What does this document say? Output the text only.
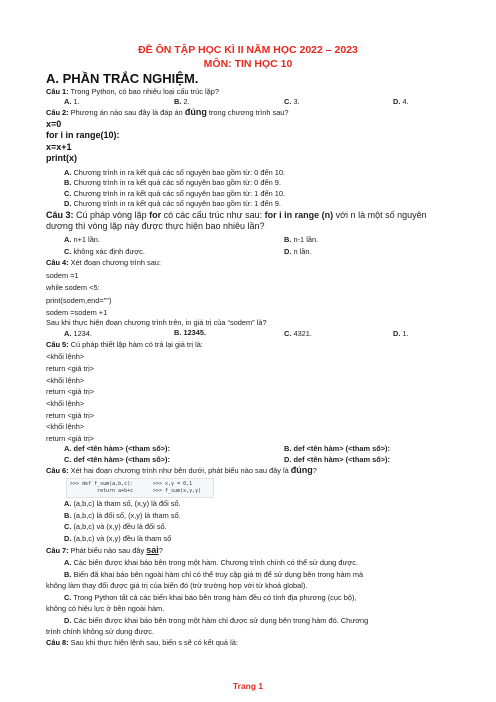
ĐỀ ÔN TẬP HỌC KÌ II NĂM HỌC 2022 – 2023
MÔN: TIN HỌC 10
A. PHẦN TRẮC NGHIỆM.
Câu 1: Trong Python, có bao nhiêu loại cấu trúc lặp?
A. 1.	B. 2.	C. 3.	D. 4.
Câu 2: Phương án nào sau đây là đáp án đúng trong chương trình sau?
x=0
for i in range(10):
x=x+1
print(x)
A. Chương trình in ra kết quả các số nguyên bao gồm từ: 0 đến 10.
B. Chương trình in ra kết quả các số nguyên bao gồm từ: 0 đến 9.
C. Chương trình in ra kết quả các số nguyên bao gồm từ: 1 đến 10.
D. Chương trình in ra kết quả các số nguyên bao gồm từ: 1 đến 9.
Câu 3: Cú pháp vòng lặp for có các cấu trúc như sau: for i in range (n) với n là một số nguyên
dương thì vòng lặp này được thực hiện bao nhiêu lần?
A. n+1 lần.	B. n-1 lần.
C. không xác định được.	D. n lần.
Câu 4: Xét đoạn chương trình sau:
sodem =1
while sodem <5:
print(sodem,end="")
sodem =sodem +1
Sau khi thực hiện đoạn chương trình trên, in giá trị của “sodem” là?
A. 1234.	B. 12345.	C. 4321.	D. 1.
Câu 5: Cú pháp thiết lập hàm có trả lại giá trị là:
<khối lệnh>
return <giá trị>
<khối lệnh>
return <giá trị>
<khối lệnh>
return <giá trị>
<khối lệnh>
return <giá trị>
A. def <tên hàm> (<tham số>):	B. def <tên hàm> (<tham số>):
C. def <tên hàm> (<tham số>):	D. def <tên hàm> (<tham số>):
Câu 6: Xét hai đoạn chương trình như bên dưới, phát biểu nào sau đây là đúng?
>>> def f_sum(a,b,c):
return a+b+c
>>> x,y = 0,1
>>> f_sum(x,y,y)
A. (a,b,c) là tham số, (x,y) là đối số.
B. (a,b,c) là đối số, (x,y) là tham số.
C. (a,b,c) và (x,y) đều là đối số.
D. (a,b,c) và (x,y) đều là tham số
Câu 7: Phát biểu nào sau đây sai?
A. Các biến được khai báo bên trong một hàm. Chương trình chính có thể sử dụng được.
B. Biến đã khai báo bên ngoài hàm chỉ có thể truy cập giá trị để sử dụng bên trong hàm mà
không làm thay đổi được giá trị của biến đó (trừ trường hợp với từ khoá global).
C. Trong Python tất cả các biến khai báo bên trong hàm đều có tính địa phương (cục bộ),
không có hiệu lực ở bên ngoài hàm.
D. Các biến được khai báo bên trong một hàm chỉ được sử dụng bên trong hàm đó. Chương
trình chính không sử dụng được.
Câu 8: Sau khi thực hiện lệnh sau, biến s sẽ có kết quả là:
Trang 1
